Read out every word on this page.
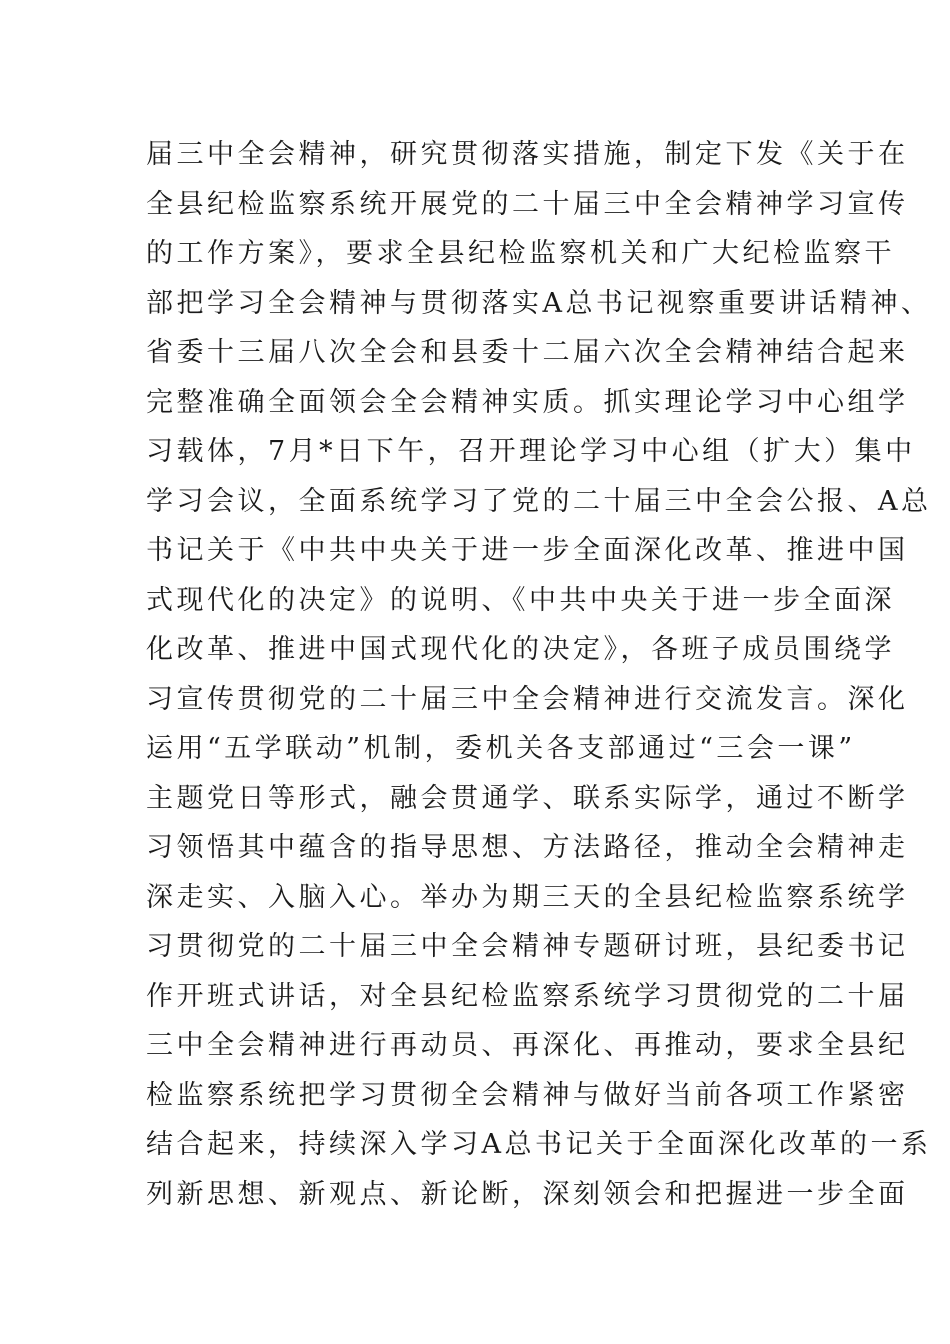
届三中全会精神，研究贯彻落实措施，制定下发《关于在
全县纪检监察系统开展党的二十届三中全会精神学习宣传
的工作方案》，要求全县纪检监察机关和广大纪检监察干
部把学习全会精神与贯彻落实A总书记视察重要讲话精神、
省委十三届八次全会和县委十二届六次全会精神结合起来
完整准确全面领会全会精神实质。抓实理论学习中心组学
习载体，7月*日下午，召开理论学习中心组（扩大）集中
学习会议，全面系统学习了党的二十届三中全会公报、A总
书记关于《中共中央关于进一步全面深化改革、推进中国
式现代化的决定》的说明、《中共中央关于进一步全面深
化改革、推进中国式现代化的决定》，各班子成员围绕学
习宣传贯彻党的二十届三中全会精神进行交流发言。深化
运用“五学联动”机制，委机关各支部通过“三会一课”
主题党日等形式，融会贯通学、联系实际学，通过不断学
习领悟其中蕴含的指导思想、方法路径，推动全会精神走
深走实、入脑入心。举办为期三天的全县纪检监察系统学
习贯彻党的二十届三中全会精神专题研讨班，县纪委书记
作开班式讲话，对全县纪检监察系统学习贯彻党的二十届
三中全会精神进行再动员、再深化、再推动，要求全县纪
检监察系统把学习贯彻全会精神与做好当前各项工作紧密
结合起来，持续深入学习A总书记关于全面深化改革的一系
列新思想、新观点、新论断，深刻领会和把握进一步全面
